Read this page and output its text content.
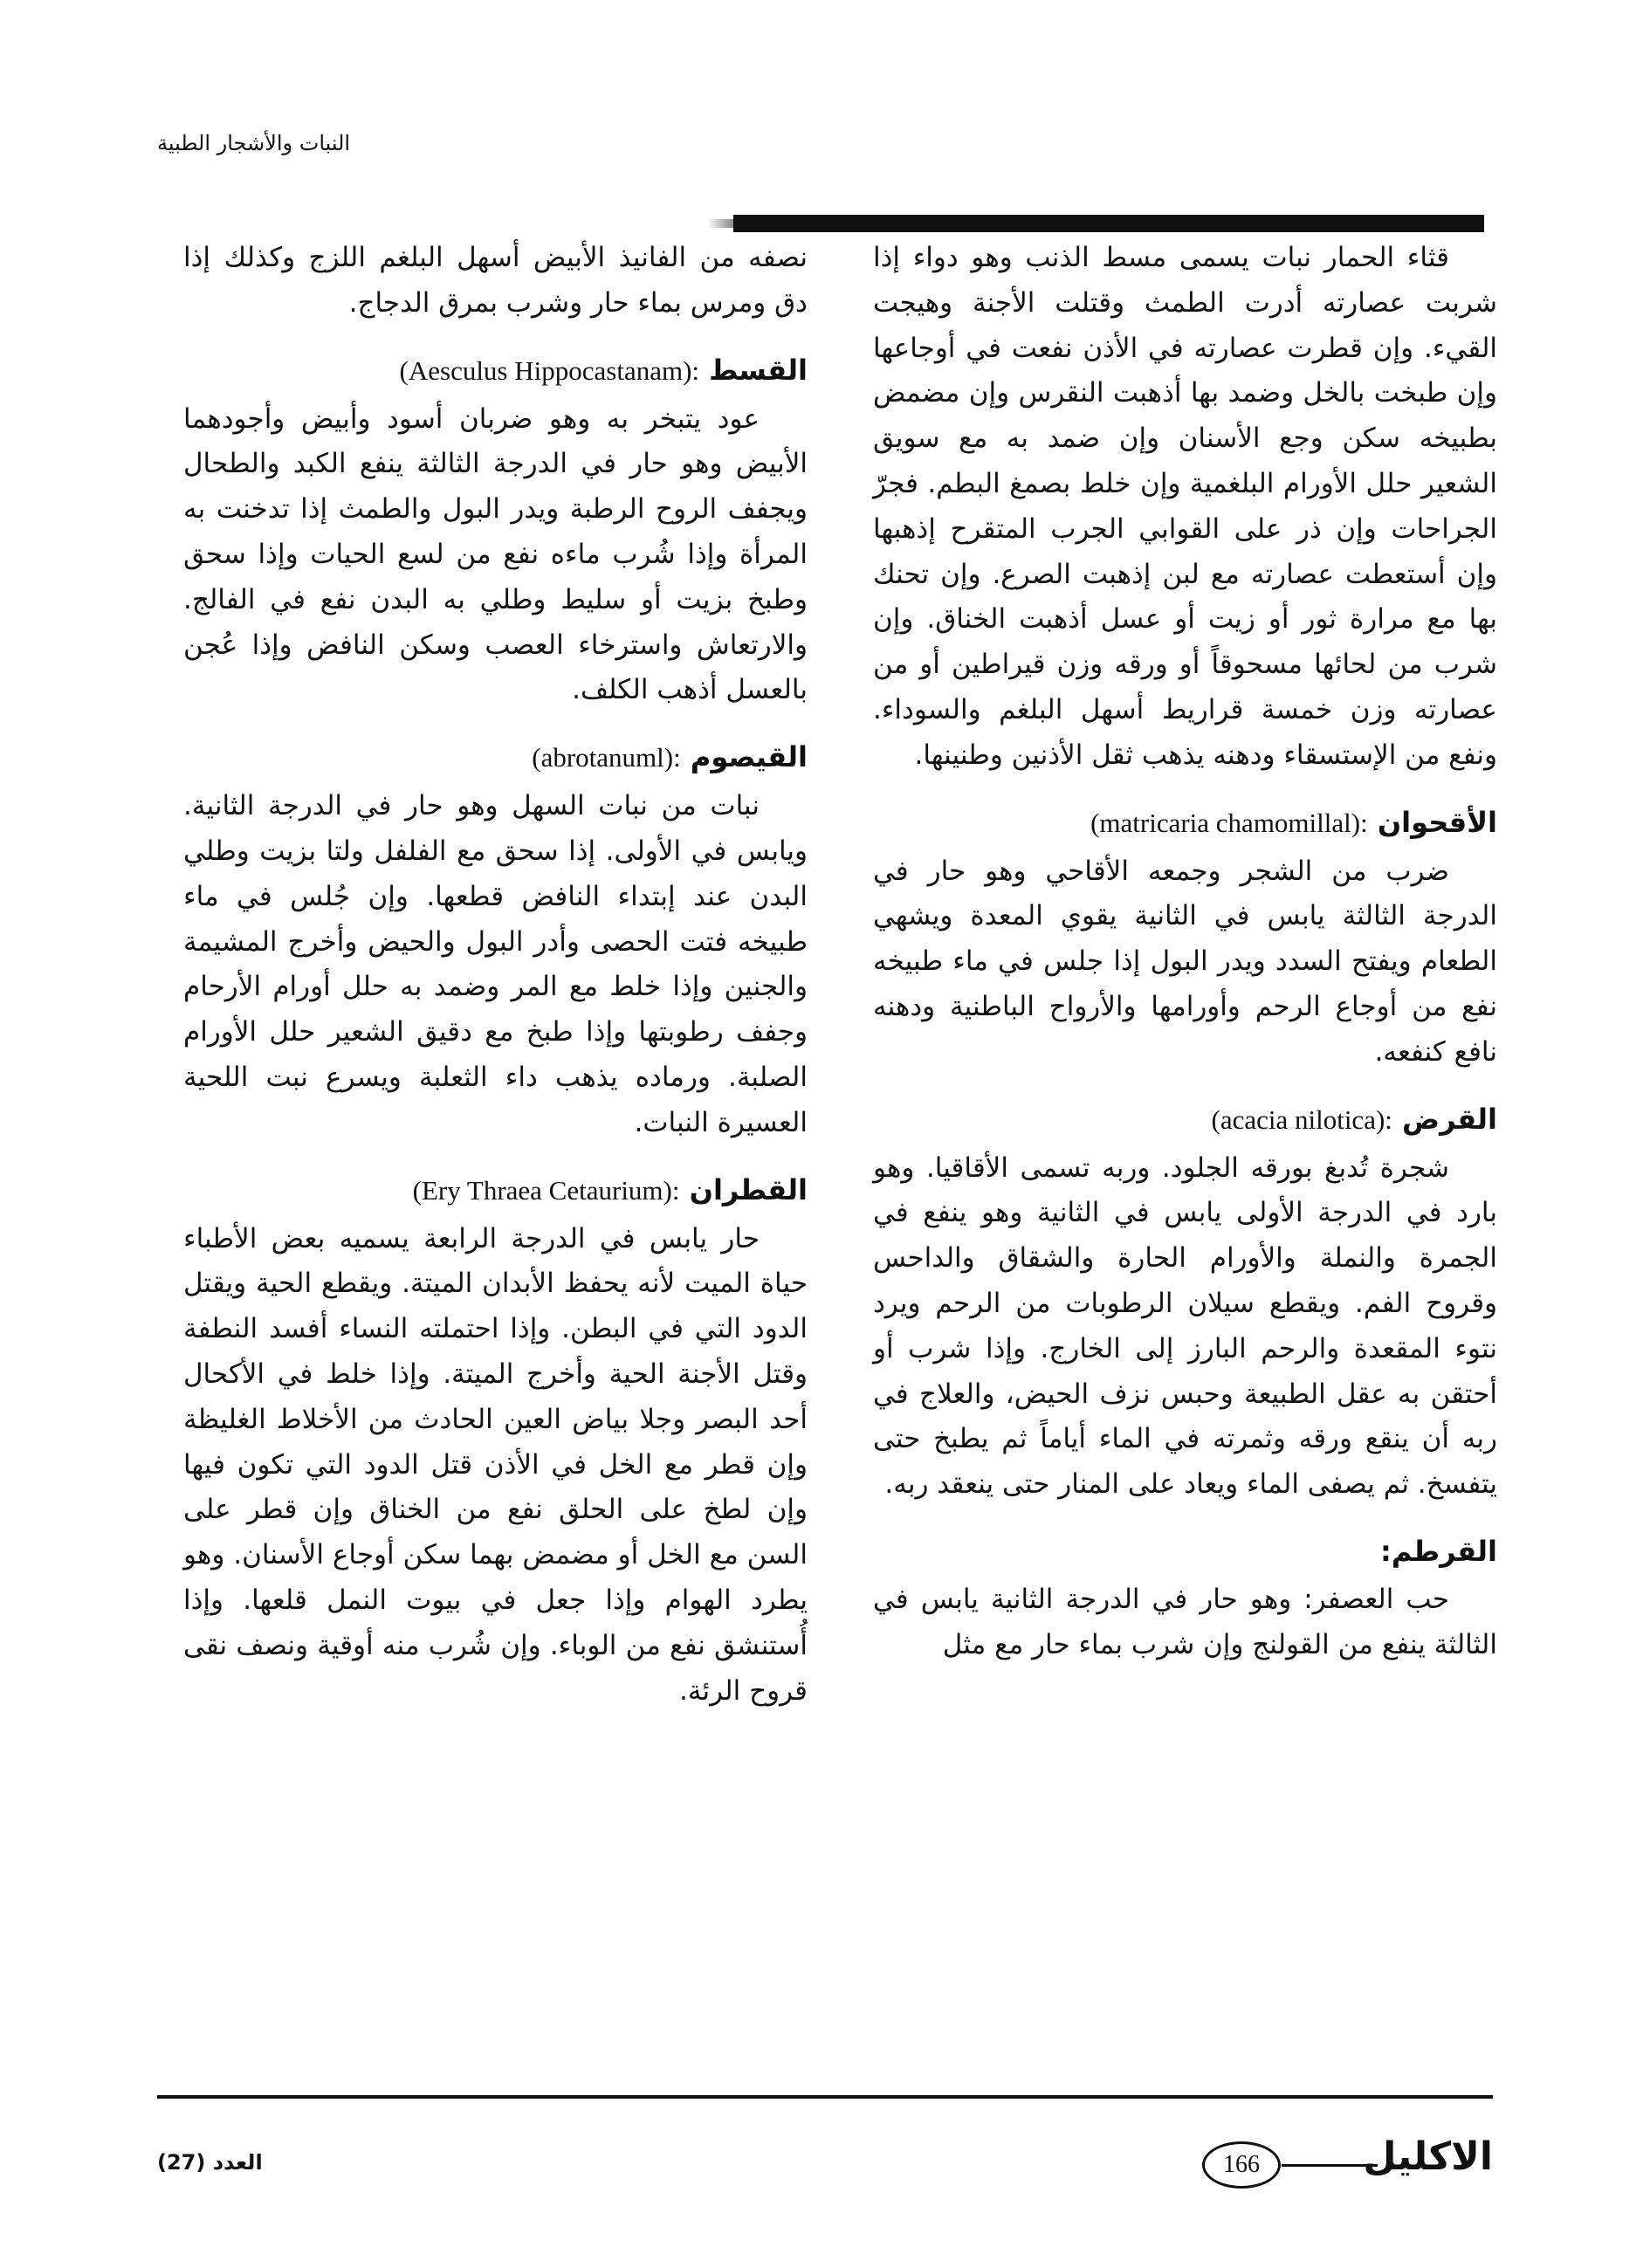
النبات والأشجار الطبية

قثاء الحمار نبات يسمى مسط الذنب وهو دواء إذا شربت عصارته أدرت الطمث وقتلت الأجنة وهيجت القيء. وإن قطرت عصارته في الأذن نفعت في أوجاعها وإن طبخت بالخل وضمد بها أذهبت النقرس وإن مضمض بطبيخه سكن وجع الأسنان وإن ضمد به مع سويق الشعير حلل الأورام البلغمية وإن خلط بصمغ البطم. فجرّ الجراحات وإن ذر على القوابي الجرب المتقرح إذهبها وإن أستعطت عصارته مع لبن إذهبت الصرع. وإن تحنك بها مع مرارة ثور أو زيت أو عسل أذهبت الخناق. وإن شرب من لحائها مسحوقاً أو ورقه وزن قيراطين أو من عصارته وزن خمسة قراريط أسهل البلغم والسوداء. ونفع من الإستسقاء ودهنه يذهب ثقل الأذنين وطنينها.

الأقحوان (matricaria chamomillal):

ضرب من الشجر وجمعه الأقاحي وهو حار في الدرجة الثالثة يابس في الثانية يقوي المعدة ويشهي الطعام ويفتح السدد ويدر البول إذا جلس في ماء طبيخه نفع من أوجاع الرحم وأورامها والأرواح الباطنية ودهنه نافع كنفعه.

القرض (acacia nilotica):

شجرة تُدبغ بورقه الجلود. وربه تسمى الأقاقيا. وهو بارد في الدرجة الأولى يابس في الثانية وهو ينفع في الجمرة والنملة والأورام الحارة والشقاق والداحس وقروح الفم. ويقطع سيلان الرطوبات من الرحم ويرد نتوء المقعدة والرحم البارز إلى الخارج. وإذا شرب أو أحتقن به عقل الطبيعة وحبس نزف الحيض، والعلاج في ربه أن ينقع ورقه وثمرته في الماء أياماً ثم يطبخ حتى يتفسخ. ثم يصفى الماء ويعاد على المنار حتى ينعقد ربه.

القرطم:

حب العصفر: وهو حار في الدرجة الثانية يابس في الثالثة ينفع من القولنج وإن شرب بماء حار مع مثل

نصفه من الفانيذ الأبيض أسهل البلغم اللزج وكذلك إذا دق ومرس بماء حار وشرب بمرق الدجاج.

القسط (Aesculus Hippocastanam):

عود يتبخر به وهو ضربان أسود وأبيض وأجودهما الأبيض وهو حار في الدرجة الثالثة ينفع الكبد والطحال ويجفف الروح الرطبة ويدر البول والطمث إذا تدخنت به المرأة وإذا شُرب ماءه نفع من لسع الحيات وإذا سحق وطبخ بزيت أو سليط وطلي به البدن نفع في الفالج. والارتعاش واسترخاء العصب وسكن النافض وإذا عُجن بالعسل أذهب الكلف.

القيصوم (abrotanuml):

نبات من نبات السهل وهو حار في الدرجة الثانية. ويابس في الأولى. إذا سحق مع الفلفل ولتا بزيت وطلي البدن عند إبتداء النافض قطعها. وإن جُلس في ماء طبيخه فتت الحصى وأدر البول والحيض وأخرج المشيمة والجنين وإذا خلط مع المر وضمد به حلل أورام الأرحام وجفف رطوبتها وإذا طبخ مع دقيق الشعير حلل الأورام الصلبة. ورماده يذهب داء الثعلبة ويسرع نبت اللحية العسيرة النبات.

القطران (Ery Thraea Cetaurium):

حار يابس في الدرجة الرابعة يسميه بعض الأطباء حياة الميت لأنه يحفظ الأبدان الميتة. ويقطع الحية ويقتل الدود التي في البطن. وإذا احتملته النساء أفسد النطفة وقتل الأجنة الحية وأخرج الميتة. وإذا خلط في الأكحال أحد البصر وجلا بياض العين الحادث من الأخلاط الغليظة وإن قطر مع الخل في الأذن قتل الدود التي تكون فيها وإن لطخ على الحلق نفع من الخناق وإن قطر على السن مع الخل أو مضمض بهما سكن أوجاع الأسنان. وهو يطرد الهوام وإذا جعل في بيوت النمل قلعها. وإذا أُستنشق نفع من الوباء. وإن شُرب منه أوقية ونصف نقى قروح الرئة.

العدد (27)	166	الاكليل
